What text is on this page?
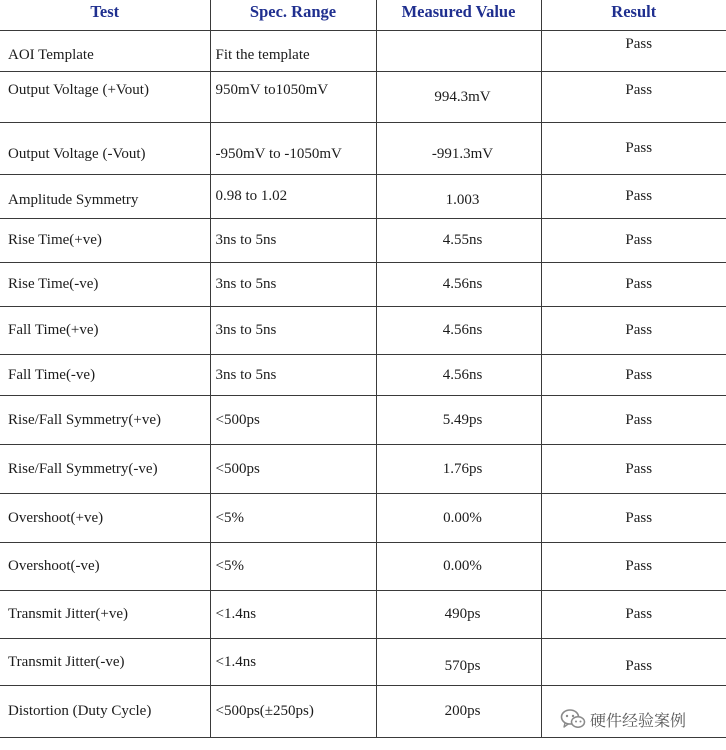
Test	Spec. Range	Measured Value	Result
AOI Template	Fit the template		Pass
Output Voltage (+Vout)	950mV to1050mV	994.3mV	Pass
Output Voltage (-Vout)	-950mV to -1050mV	-991.3mV	Pass
Amplitude Symmetry	0.98 to 1.02	1.003	Pass
Rise Time(+ve)	3ns to 5ns	4.55ns	Pass
Rise Time(-ve)	3ns to 5ns	4.56ns	Pass
Fall Time(+ve)	3ns to 5ns	4.56ns	Pass
Fall Time(-ve)	3ns to 5ns	4.56ns	Pass
Rise/Fall Symmetry(+ve)	<500ps	5.49ps	Pass
Rise/Fall Symmetry(-ve)	<500ps	1.76ps	Pass
Overshoot(+ve)	<5%	0.00%	Pass
Overshoot(-ve)	<5%	0.00%	Pass
Transmit Jitter(+ve)	<1.4ns	490ps	Pass
Transmit Jitter(-ve)	<1.4ns	570ps	Pass
Distortion (Duty Cycle)	<500ps(±250ps)	200ps		硬件经验案例
